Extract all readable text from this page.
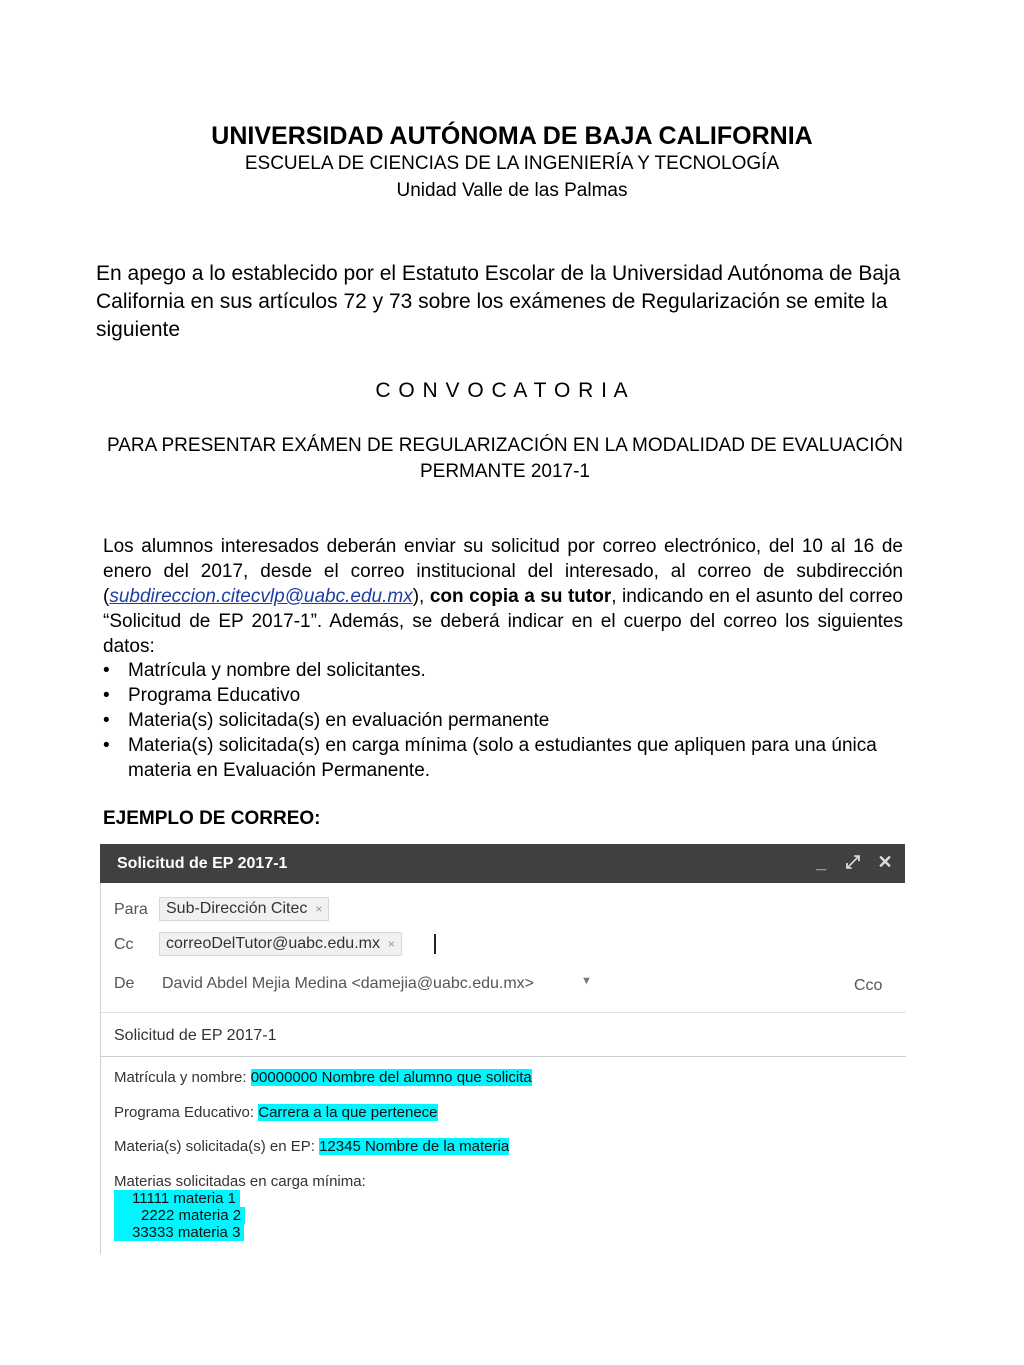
UNIVERSIDAD AUTÓNOMA DE BAJA CALIFORNIA
ESCUELA DE CIENCIAS DE LA INGENIERÍA Y TECNOLOGÍA
Unidad Valle de las Palmas
En apego a lo establecido por el Estatuto Escolar de la Universidad Autónoma de Baja California en sus artículos 72 y 73 sobre los exámenes de Regularización se emite la siguiente
C O N V O C A T O R I A
PARA PRESENTAR EXÁMEN DE REGULARIZACIÓN EN LA MODALIDAD DE EVALUACIÓN PERMANTE 2017-1
Los alumnos interesados deberán enviar su solicitud por correo electrónico, del 10 al 16 de enero del 2017, desde el correo institucional del interesado, al correo de subdirección (subdireccion.citecvlp@uabc.edu.mx), con copia a su tutor, indicando en el asunto del correo “Solicitud de EP 2017-1”. Además, se deberá indicar en el cuerpo del correo los siguientes datos:
• Matrícula y nombre del solicitantes.
• Programa Educativo
• Materia(s) solicitada(s) en evaluación permanente
• Materia(s) solicitada(s) en carga mínima (solo a estudiantes que apliquen para una única materia en Evaluación Permanente.
EJEMPLO DE CORREO:
Solicitud de EP 2017-1	_ ⤢ ✕
Para	Sub-Dirección Citec ×
Cc	correoDelTutor@uabc.edu.mx ×
De David Abdel Mejia Medina <damejia@uabc.edu.mx>	▼	Cco
Solicitud de EP 2017-1
Matrícula y nombre: 00000000 Nombre del alumno que solicita
Programa Educativo: Carrera a la que pertenece
Materia(s) solicitada(s) en EP: 12345 Nombre de la materia
Materias solicitadas en carga mínima:
11111 materia 1
2222 materia 2
33333 materia 3
